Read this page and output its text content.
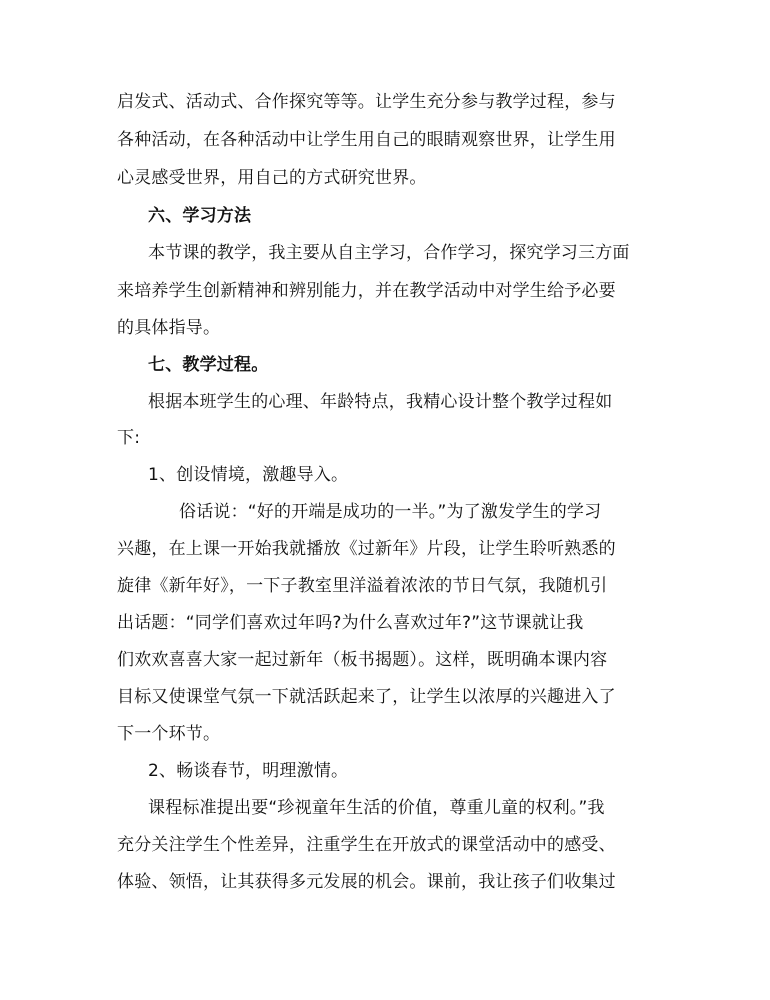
启发式、活动式、合作探究等等。让学生充分参与教学过程，参与
各种活动，在各种活动中让学生用自己的眼睛观察世界，让学生用
心灵感受世界，用自己的方式研究世界。
六、学习方法
本节课的教学，我主要从自主学习，合作学习，探究学习三方面
来培养学生创新精神和辨别能力，并在教学活动中对学生给予必要
的具体指导。
七、教学过程。
根据本班学生的心理、年龄特点，我精心设计整个教学过程如
下:
1、创设情境，激趣导入。
俗话说：“好的开端是成功的一半。”为了激发学生的学习
兴趣，在上课一开始我就播放《过新年》片段，让学生聆听熟悉的
旋律《新年好》，一下子教室里洋溢着浓浓的节日气氛，我随机引
出话题：“同学们喜欢过年吗?为什么喜欢过年?”这节课就让我
们欢欢喜喜大家一起过新年（板书揭题）。这样，既明确本课内容
目标又使课堂气氛一下就活跃起来了，让学生以浓厚的兴趣进入了
下一个环节。
2、畅谈春节，明理激情。
课程标准提出要“珍视童年生活的价值，尊重儿童的权利。”我
充分关注学生个性差异，注重学生在开放式的课堂活动中的感受、
体验、领悟，让其获得多元发展的机会。课前，我让孩子们收集过
